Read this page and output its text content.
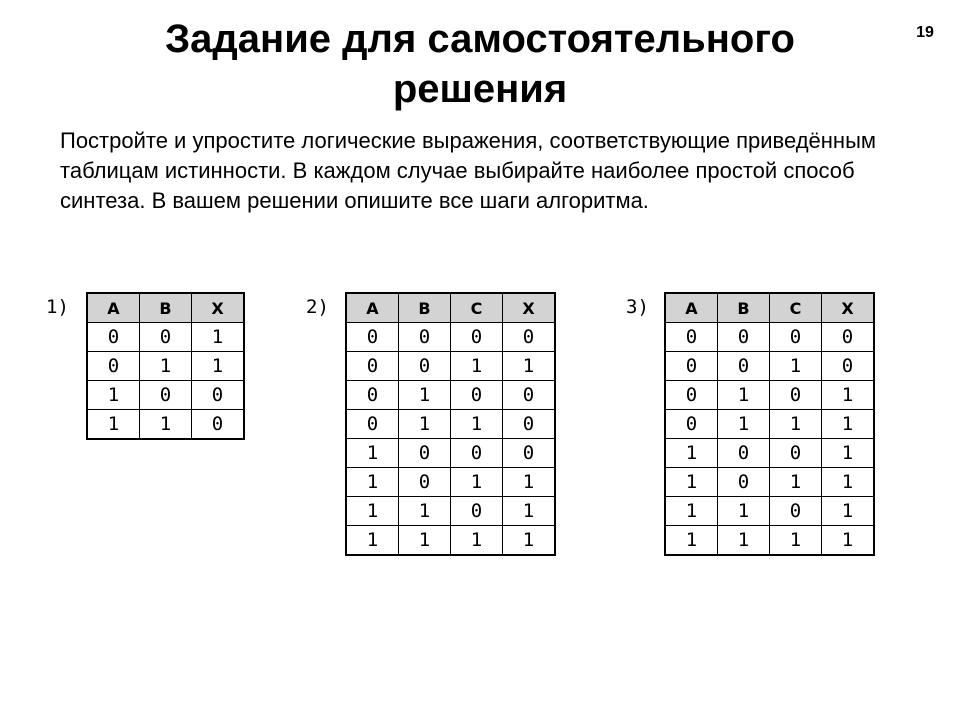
Задание для самостоятельного
решения
19

Постройте и упростите логические выражения, соответствующие приведённым таблицам истинности. В каждом случае выбирайте наиболее простой способ синтеза. В вашем решении опишите все шаги алгоритма.

1) A	B	X
0	0	1
0	1	1
1	0	0
1	1	0
2) A	B	C	X
0	0	0	0
0	0	1	1
0	1	0	0
0	1	1	0
1	0	0	0
1	0	1	1
1	1	0	1
1	1	1	1
3) A	B	C	X
0	0	0	0
0	0	1	0
0	1	0	1
0	1	1	1
1	0	0	1
1	0	1	1
1	1	0	1
1	1	1	1
